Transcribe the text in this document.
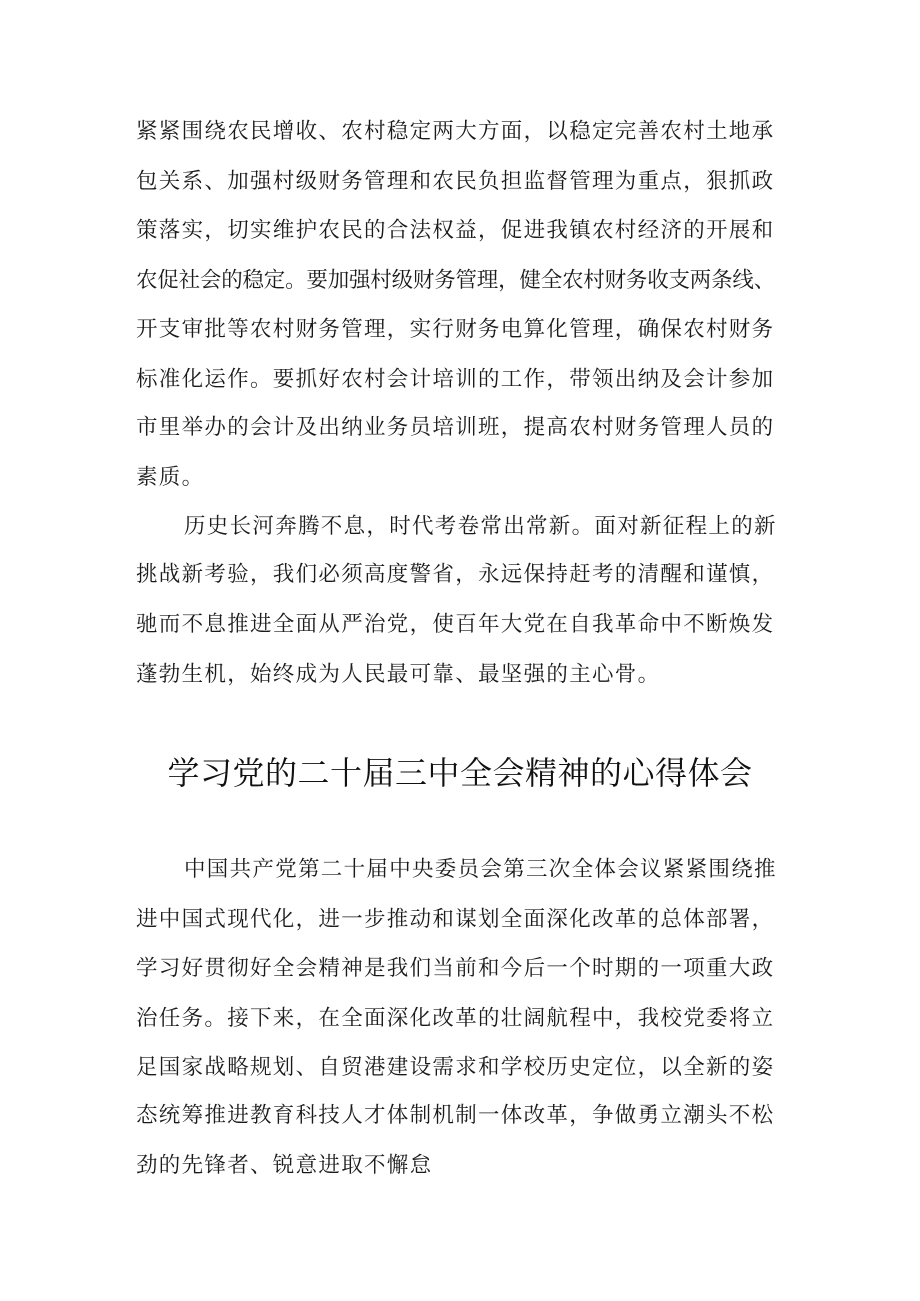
紧紧围绕农民增收、农村稳定两大方面，以稳定完善农村土地承
包关系、加强村级财务管理和农民负担监督管理为重点，狠抓政
策落实，切实维护农民的合法权益，促进我镇农村经济的开展和
农促社会的稳定。要加强村级财务管理，健全农村财务收支两条线、
开支审批等农村财务管理，实行财务电算化管理，确保农村财务
标准化运作。要抓好农村会计培训的工作，带领出纳及会计参加
市里举办的会计及出纳业务员培训班，提高农村财务管理人员的
素质。
历史长河奔腾不息，时代考卷常出常新。面对新征程上的新
挑战新考验，我们必须高度警省，永远保持赶考的清醒和谨慎，
驰而不息推进全面从严治党，使百年大党在自我革命中不断焕发
蓬勃生机，始终成为人民最可靠、最坚强的主心骨。
学习党的二十届三中全会精神的心得体会
中国共产党第二十届中央委员会第三次全体会议紧紧围绕推
进中国式现代化，进一步推动和谋划全面深化改革的总体部署，
学习好贯彻好全会精神是我们当前和今后一个时期的一项重大政
治任务。接下来，在全面深化改革的壮阔航程中，我校党委将立
足国家战略规划、自贸港建设需求和学校历史定位，以全新的姿
态统筹推进教育科技人才体制机制一体改革，争做勇立潮头不松
劲的先锋者、锐意进取不懈怠
